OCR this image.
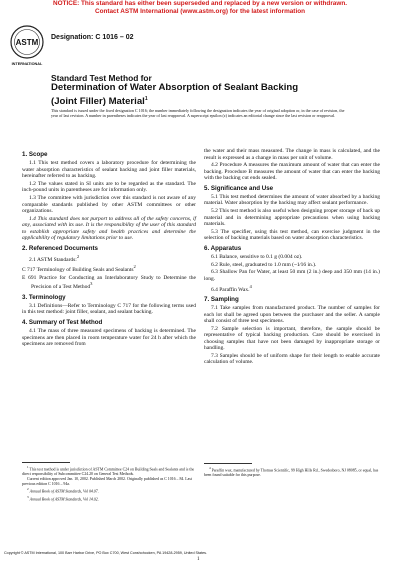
NOTICE: This standard has either been superseded and replaced by a new version or withdrawn.
Contact ASTM International (www.astm.org) for the latest information
ASTM
INTERNATIONAL
Designation: C 1016 – 02
Standard Test Method for
Determination of Water Absorption of Sealant Backing
(Joint Filler) Material$^1$
This standard is issued under the fixed designation C 1016; the number immediately following the designation indicates the year of original adoption or, in the case of revision, the year of last revision. A number in parentheses indicates the year of last reapproval. A superscript epsilon (ε) indicates an editorial change since the last revision or reapproval.
1. Scope

1.1 This test method covers a laboratory procedure for determining the water absorption characteristics of sealant backing and joint filler materials, hereinafter referred to as backing.

1.2 The values stated in SI units are to be regarded as the standard. The inch-pound units in parentheses are for information only.

1.3 The committee with jurisdiction over this standard is not aware of any comparable standards published by other ASTM committees or other organizations.

1.4 This standard does not purport to address all of the safety concerns, if any, associated with its use. It is the responsibility of the user of this standard to establish appropriate safety and health practices and determine the applicability of regulatory limitations prior to use.

2. Referenced Documents

2.1 ASTM Standards:$^2$

C 717 Terminology of Building Seals and Sealants$^2$

E 691 Practice for Conducting an Interlaboratory Study to Determine the Precision of a Test Method$^3$

3. Terminology

3.1 Definitions—Refer to Terminology C 717 for the following terms used in this test method: joint filler, sealant, and sealant backing.

4. Summary of Test Method

4.1 The mass of three measured specimens of backing is determined. The specimens are then placed in room temperature water for 24 h after which the specimens are removed from

the water and their mass measured. The change in mass is calculated, and the result is expressed as a change in mass per unit of volume.

4.2 Procedure A measures the maximum amount of water that can enter the backing. Procedure B measures the amount of water that can enter the backing with the backing cut ends sealed.

5. Significance and Use

5.1 This test method determines the amount of water absorbed by a backing material. Water absorption by the backing may affect sealant performance.

5.2 This test method is also useful when designing proper storage of back up material and in determining appropriate precautions when using backing materials.

5.3 The specifier, using this test method, can exercise judgment in the selection of backing materials based on water absorption characteristics.

6. Apparatus

6.1 Balance, sensitive to 0.1 g (0.004 oz).

6.2 Rule, steel, graduated to 1.0 mm (~1⁄16 in.).

6.3 Shallow Pan for Water, at least 50 mm (2 in.) deep and 350 mm (14 in.) long.

6.4 Paraffin Wax.$^4$

7. Sampling

7.1 Take samples from manufactured product. The number of samples for each lot shall be agreed upon between the purchaser and the seller. A sample shall consist of three test specimens.

7.2 Sample selection is important, therefore, the sample should be representative of typical backing production. Care should be exercised in choosing samples that have not been damaged by inappropriate storage or handling.

7.3 Samples should be of uniform shape for their length to enable accurate calculation of volume.

$^1$ This test method is under jurisdiction of ASTM Committee C24 on Building Seals and Sealants and is the direct responsibility of Subcommittee C24.20 on General Test Methods.

Current edition approved Jan. 10, 2002. Published March 2002. Originally published as C 1016 – 84. Last previous edition C 1016 – 94a.

$^2$ Annual Book of ASTM Standards, Vol 04.07.

$^3$ Annual Book of ASTM Standards, Vol 14.02.

$^4$ Paraffin wax, manufactured by Thomas Scientific, 99 High Hills Rd., Swedesboro, NJ 08085, or equal, has been found suitable for this purpose.

Copyright © ASTM International, 100 Barr Harbor Drive, PO Box C700, West Conshohocken, PA 19428-2959, United States.
1
